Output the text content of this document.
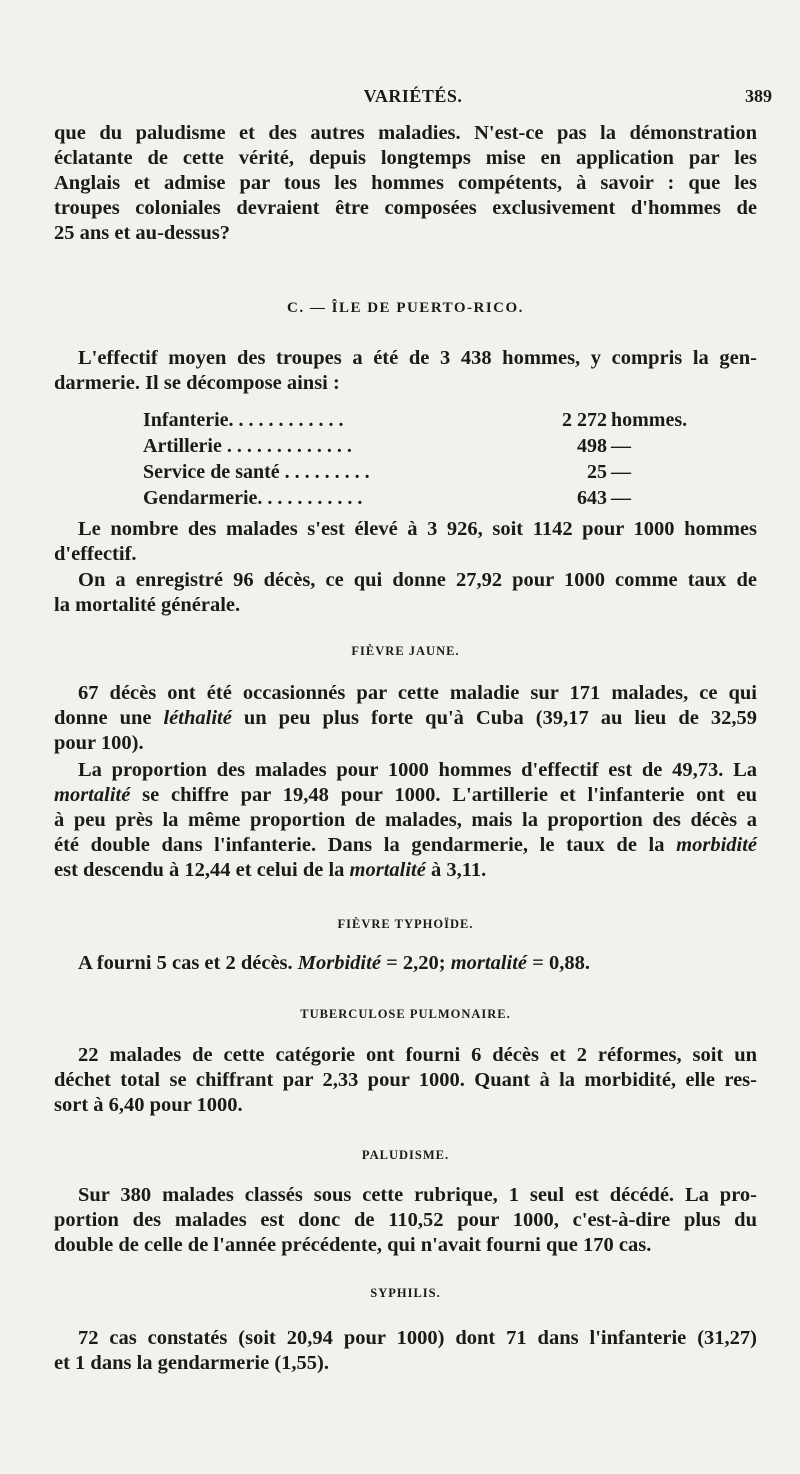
VARIÉTÉS.	389
que du paludisme et des autres maladies. N'est-ce pas la démonstration
éclatante de cette vérité, depuis longtemps mise en application par les
Anglais et admise par tous les hommes compétents, à savoir : que les
troupes coloniales devraient être composées exclusivement d'hommes de
25 ans et au-dessus?
C. — ÎLE DE PUERTO-RICO.
L'effectif moyen des troupes a été de 3 438 hommes, y compris la gen-
darmerie. Il se décompose ainsi :
Infanterie. . . . . . . . . . . .	2 272 hommes.
Artillerie . . . . . . . . . . . . .	498 —
Service de santé . . . . . . . . .	25 —
Gendarmerie. . . . . . . . . . .	643 —
Le nombre des malades s'est élevé à 3 926, soit 1142 pour 1000 hommes
d'effectif.
On a enregistré 96 décès, ce qui donne 27,92 pour 1000 comme taux de
la mortalité générale.
FIÈVRE JAUNE.
67 décès ont été occasionnés par cette maladie sur 171 malades, ce qui
donne une léthalité un peu plus forte qu'à Cuba (39,17 au lieu de 32,59
pour 100).
La proportion des malades pour 1000 hommes d'effectif est de 49,73. La
mortalité se chiffre par 19,48 pour 1000. L'artillerie et l'infanterie ont eu
à peu près la même proportion de malades, mais la proportion des décès a
été double dans l'infanterie. Dans la gendarmerie, le taux de la morbidité
est descendu à 12,44 et celui de la mortalité à 3,11.
FIÈVRE TYPHOÏDE.
A fourni 5 cas et 2 décès. Morbidité = 2,20; mortalité = 0,88.
TUBERCULOSE PULMONAIRE.
22 malades de cette catégorie ont fourni 6 décès et 2 réformes, soit un
déchet total se chiffrant par 2,33 pour 1000. Quant à la morbidité, elle res-
sort à 6,40 pour 1000.
PALUDISME.
Sur 380 malades classés sous cette rubrique, 1 seul est décédé. La pro-
portion des malades est donc de 110,52 pour 1000, c'est-à-dire plus du
double de celle de l'année précédente, qui n'avait fourni que 170 cas.
SYPHILIS.
72 cas constatés (soit 20,94 pour 1000) dont 71 dans l'infanterie (31,27)
et 1 dans la gendarmerie (1,55).
